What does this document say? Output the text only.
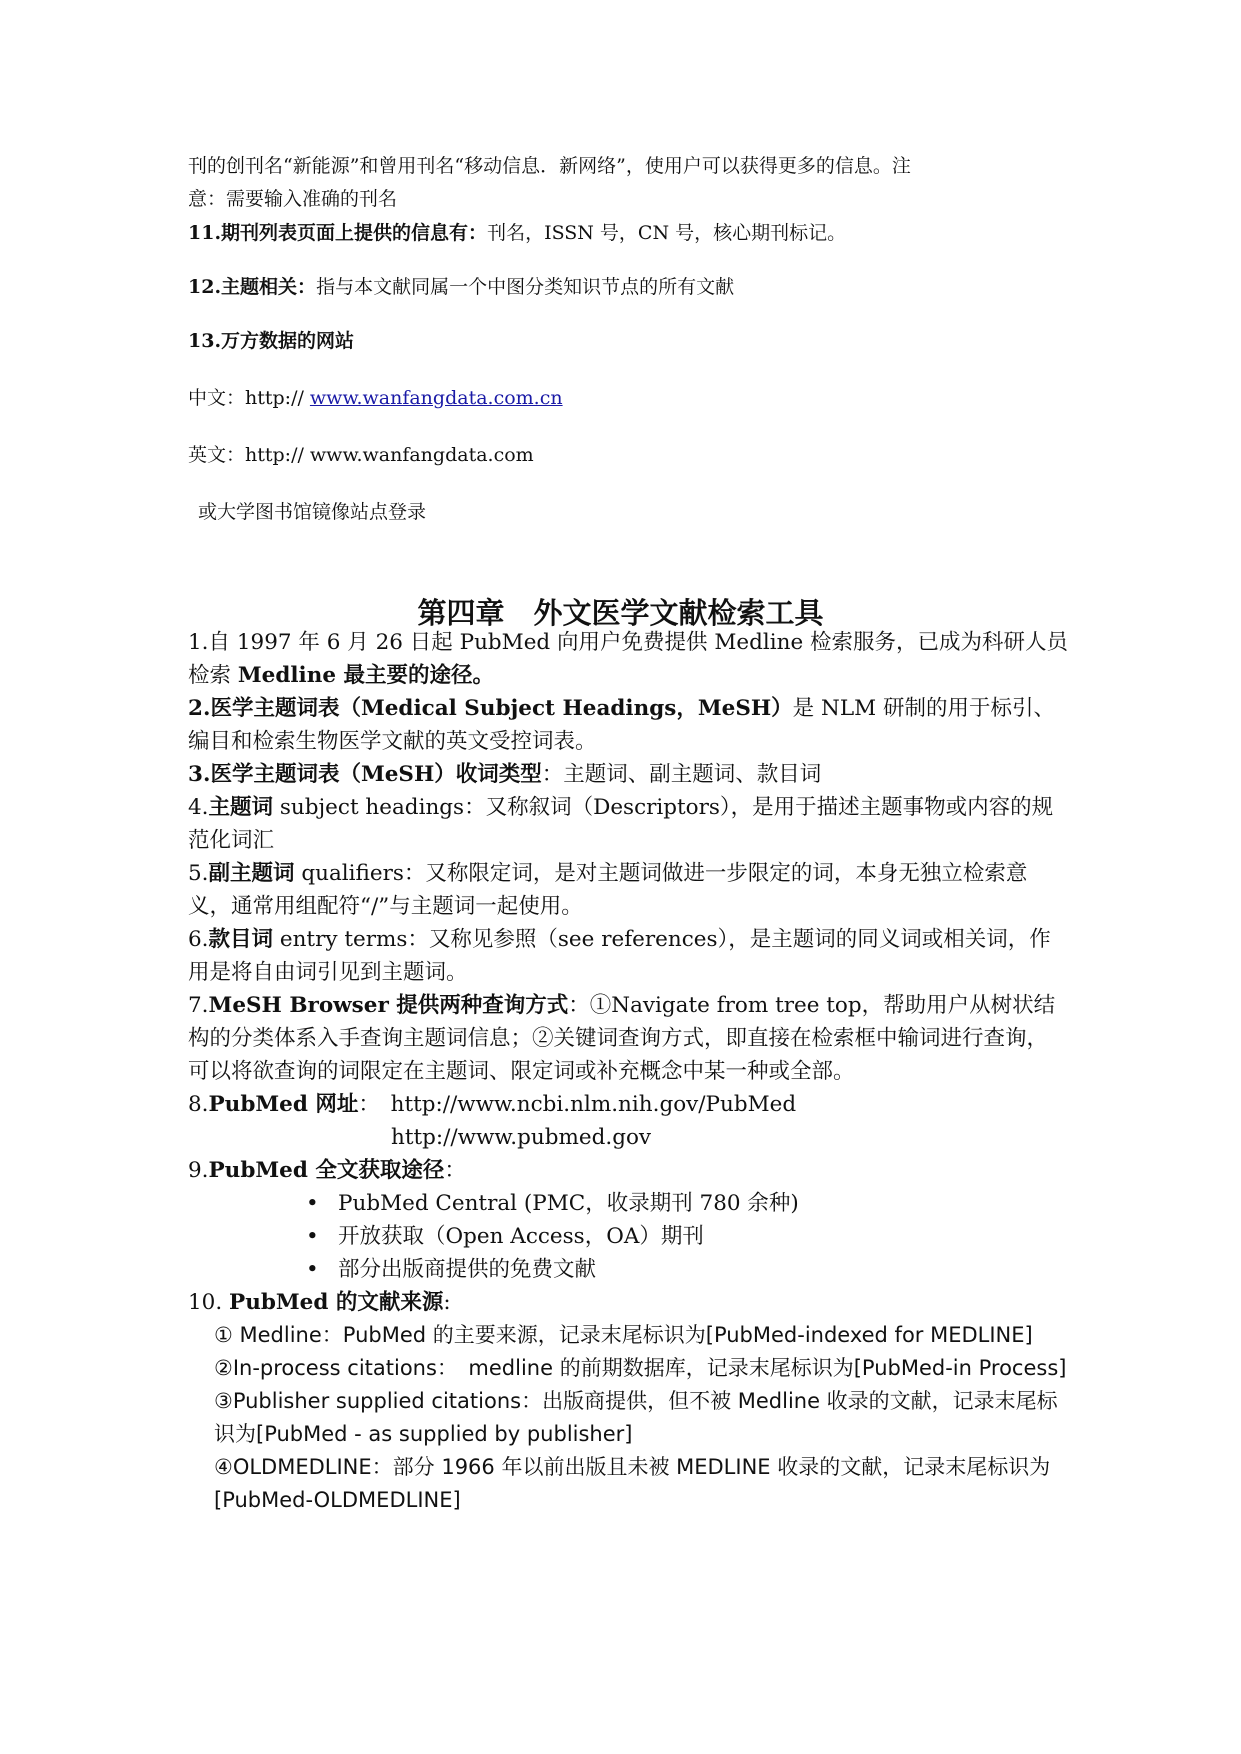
刊的创刊名“新能源”和曾用刊名“移动信息．新网络”，使用户可以获得更多的信息。注
意：需要输入准确的刊名

11.期刊列表页面上提供的信息有：刊名，ISSN 号，CN 号，核心期刊标记。
12.主题相关：指与本文献同属一个中图分类知识节点的所有文献
13.万方数据的网站
中文：http:// www.wanfangdata.com.cn
英文：http:// www.wanfangdata.com
或大学图书馆镜像站点登录
第四章　外文医学文献检索工具

1.自 1997 年 6 月 26 日起 PubMed 向用户免费提供 Medline 检索服务，已成为科研人员检索 Medline 最主要的途径。

2.医学主题词表（Medical Subject Headings，MeSH）是 NLM 研制的用于标引、编目和检索生物医学文献的英文受控词表。

3.医学主题词表（MeSH）收词类型：主题词、副主题词、款目词

4.主题词 subject headings：又称叙词（Descriptors），是用于描述主题事物或内容的规范化词汇

5.副主题词 qualifiers：又称限定词，是对主题词做进一步限定的词，本身无独立检索意义，通常用组配符“/”与主题词一起使用。

6.款目词 entry terms：又称见参照（see references），是主题词的同义词或相关词，作用是将自由词引见到主题词。

7.MeSH Browser 提供两种查询方式：①Navigate from tree top，帮助用户从树状结构的分类体系入手查询主题词信息；②关键词查询方式，即直接在检索框中输词进行查询，可以将欲查询的词限定在主题词、限定词或补充概念中某一种或全部。

8.PubMed 网址：　http://www.ncbi.nlm.nih.gov/PubMed

http://www.pubmed.gov

9.PubMed 全文获取途径：

• PubMed Central (PMC，收录期刊 780 余种)
• 开放获取（Open Access，OA）期刊
• 部分出版商提供的免费文献

10. PubMed 的文献来源:

① Medline：PubMed 的主要来源，记录末尾标识为[PubMed-indexed for MEDLINE]

②In-process citations：　medline 的前期数据库，记录末尾标识为[PubMed-in Process]

③Publisher supplied citations：出版商提供，但不被 Medline 收录的文献，记录末尾标识为[PubMed - as supplied by publisher]

④OLDMEDLINE：部分 1966 年以前出版且未被 MEDLINE 收录的文献，记录末尾标识为[PubMed-OLDMEDLINE]
